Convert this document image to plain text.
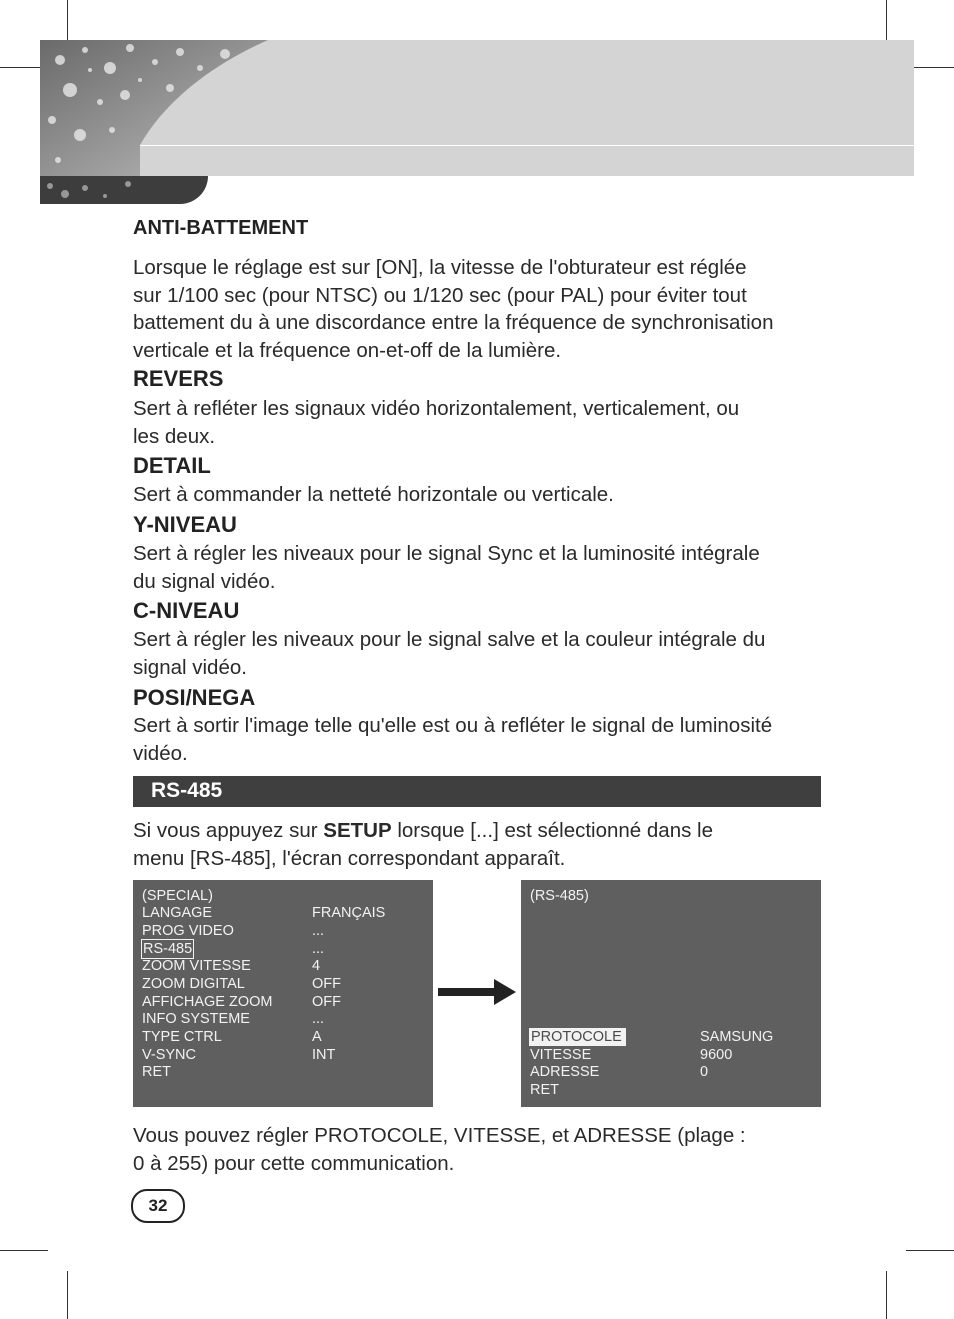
ANTI-BATTEMENT
Lorsque le réglage est sur [ON], la vitesse de l'obturateur est réglée
sur 1/100 sec (pour NTSC) ou 1/120 sec (pour PAL) pour éviter tout
battement du à une discordance entre la fréquence de synchronisation
verticale et la fréquence on-et-off de la lumière.
REVERS
Sert à refléter les signaux vidéo horizontalement, verticalement, ou
les deux.
DETAIL
Sert à commander la netteté horizontale ou verticale.
Y-NIVEAU
Sert à régler les niveaux pour le signal Sync et la luminosité intégrale
du signal vidéo.
C-NIVEAU
Sert à régler les niveaux pour le signal salve et la couleur intégrale du
signal vidéo.
POSI/NEGA
Sert à sortir l'image telle qu'elle est ou à refléter le signal de luminosité
vidéo.
RS-485
Si vous appuyez sur SETUP lorsque [...] est sélectionné dans le
menu [RS-485], l'écran correspondant apparaît.
(SPECIAL)
LANGAGE	FRANÇAIS
PROG VIDEO	...
RS-485	...
ZOOM VITESSE	4
ZOOM DIGITAL	OFF
AFFICHAGE ZOOM	OFF
INFO SYSTEME	...
TYPE CTRL	A
V-SYNC	INT
RET
(RS-485)
PROTOCOLE	SAMSUNG
VITESSE	9600
ADRESSE	0
RET
Vous pouvez régler PROTOCOLE, VITESSE, et ADRESSE (plage :
0 à 255) pour cette communication.
32
